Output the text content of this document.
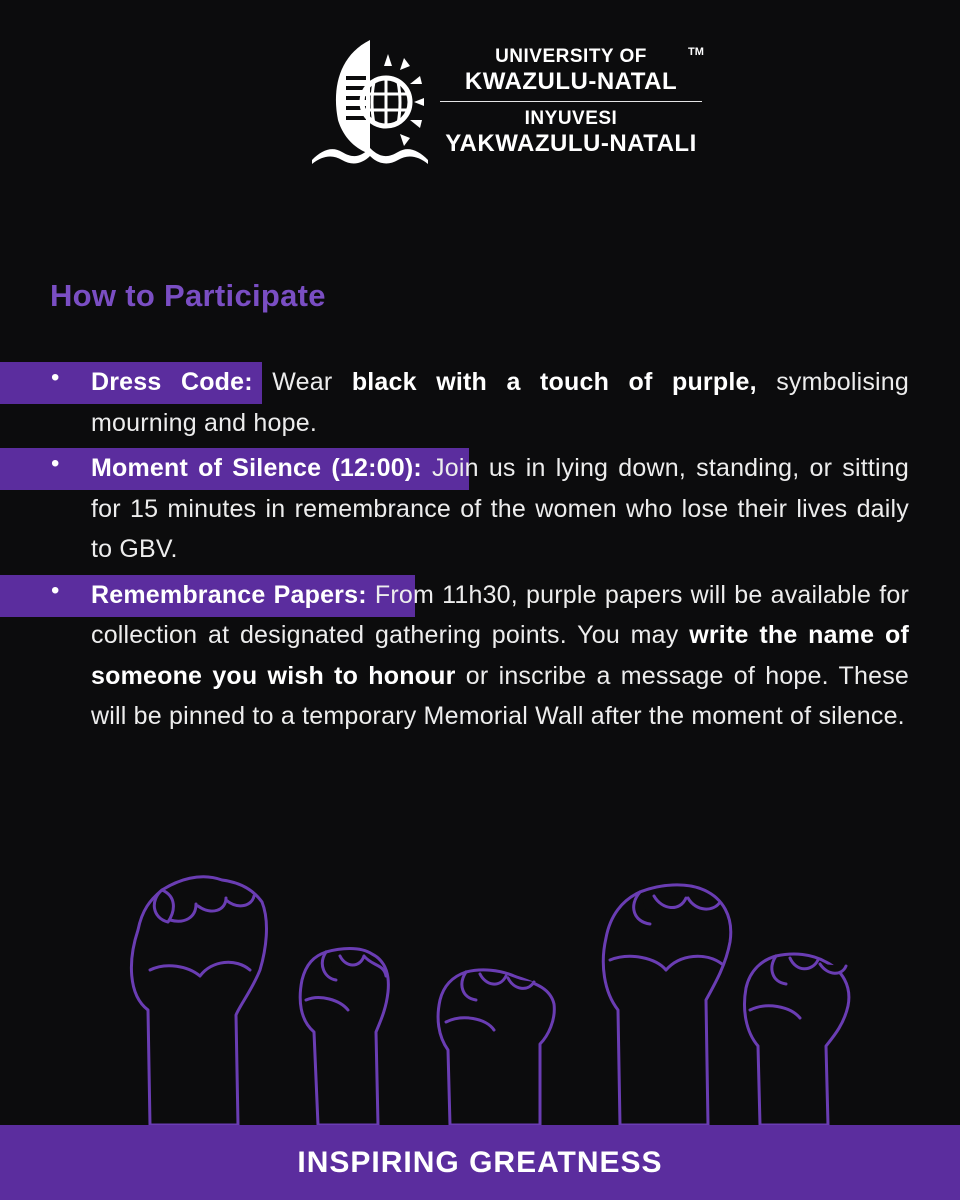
UNIVERSITY OF
KWAZULU-NATAL
INYUVESI
YAKWAZULU-NATALI
TM
How to Participate
• Dress Code: Wear black with a touch of purple, symbolising mourning and hope.
• Moment of Silence (12:00): Join us in lying down, standing, or sitting for 15 minutes in remembrance of the women who lose their lives daily to GBV.
• Remembrance Papers: From 11h30, purple papers will be available for collection at designated gathering points. You may write the name of someone you wish to honour or inscribe a message of hope. These will be pinned to a temporary Memorial Wall after the moment of silence.
INSPIRING GREATNESS
